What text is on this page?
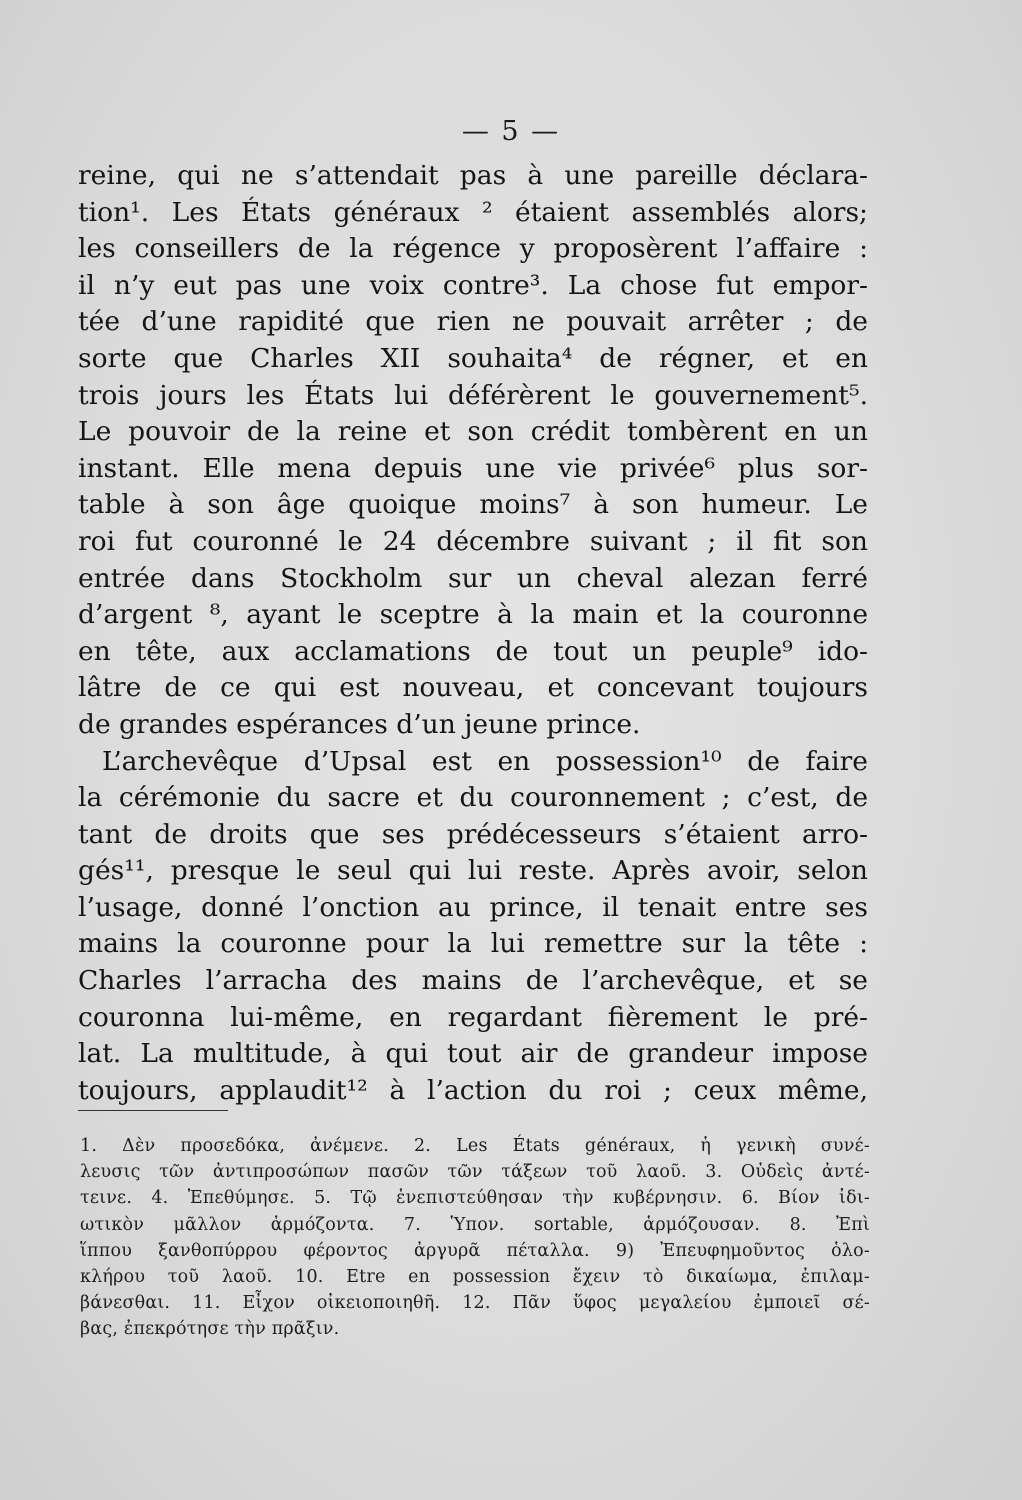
— 5 —
reine, qui ne s’attendait pas à une pareille déclara-
tion¹. Les États généraux ² étaient assemblés alors;
les conseillers de la régence y proposèrent l’affaire :
il n’y eut pas une voix contre³. La chose fut empor-
tée d’une rapidité que rien ne pouvait arrêter ; de
sorte que Charles XII souhaita⁴ de régner, et en
trois jours les États lui déférèrent le gouvernement⁵.
Le pouvoir de la reine et son crédit tombèrent en un
instant. Elle mena depuis une vie privée⁶ plus sor-
table à son âge quoique moins⁷ à son humeur. Le
roi fut couronné le 24 décembre suivant ; il fit son
entrée dans Stockholm sur un cheval alezan ferré
d’argent ⁸, ayant le sceptre à la main et la couronne
en tête, aux acclamations de tout un peuple⁹ ido-
lâtre de ce qui est nouveau, et concevant toujours
de grandes espérances d’un jeune prince.
L’archevêque d’Upsal est en possession¹⁰ de faire
la cérémonie du sacre et du couronnement ; c’est, de
tant de droits que ses prédécesseurs s’étaient arro-
gés¹¹, presque le seul qui lui reste. Après avoir, selon
l’usage, donné l’onction au prince, il tenait entre ses
mains la couronne pour la lui remettre sur la tête :
Charles l’arracha des mains de l’archevêque, et se
couronna lui-même, en regardant fièrement le pré-
lat. La multitude, à qui tout air de grandeur impose
toujours, applaudit¹² à l’action du roi ; ceux même,
1. Δὲν προσεδόκα, ἀνέμενε. 2. Les États généraux, ἡ γενικὴ συνέ-
λευσις τῶν ἀντιπροσώπων πασῶν τῶν τάξεων τοῦ λαοῦ. 3. Οὐδεὶς ἀντέ-
τεινε. 4. Ἐπεθύμησε. 5. Τῷ ἐνεπιστεύθησαν τὴν κυβέρνησιν. 6. Βίον ἰδι-
ωτικὸν μᾶλλον ἁρμόζοντα. 7. Ὑπον. sortable, ἁρμόζουσαν. 8. Ἐπὶ
ἵππου ξανθοπύρρου φέροντος ἀργυρᾶ πέταλλα. 9) Ἐπευφημοῦντος ὁλο-
κλήρου τοῦ λαοῦ. 10. Etre en possession ἔχειν τὸ δικαίωμα, ἐπιλαμ-
βάνεσθαι. 11. Εἶχον οἰκειοποιηθῆ. 12. Πᾶν ὕφος μεγαλείου ἐμποιεῖ σέ-
βας, ἐπεκρότησε τὴν πρᾶξιν.
